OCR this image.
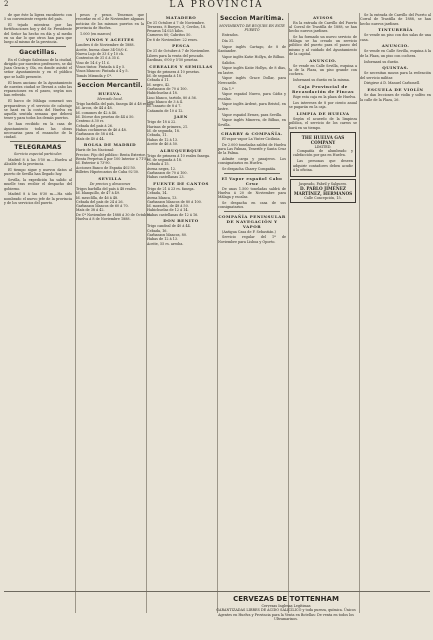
2	LA PROVINCIA

de que éste la ligera encubierto con 5 su conveniente respeto del país.

El tejado mientras por las fortificaciones hoy y del Sr. Presidente del Señor ha hecho en día y al medio en su dar lo que otros han para que luego al mismo de la provincia.

Gacetillas.

En el Colegio Salesiano de la ciudad, dirigido por nuestros profesores, se dió Juan Gracia y Ola, en donde asistió el señor Ayuntamiento y en el público que se halló presente.

El buen anciano de la Ayuntamiento de nuestra ciudad se llevará a cabo las reparaciones en el paseo, según nos han referido.

El barco de Málaga comenzó sus preparativos y el servicio de cabotaje se hará en la costa del Huelva en aquella sentida semana que deberá tener y para todos los demás puertos.

Se han recibido en la casa de Ayuntamiento todas las obras necesarias para el ensanche de la ciudad.

TELEGRAMAS
Servicio especial particular.

Madrid 8 á las 5'50 m.—Huelva al Alcalde de la provincia.

El tiempo sigue y nuevos datos al puerto de Sevilla han llegado hoy.

Sevilla, la expedición ha salido al muelle tras recibir el despacho del gobierno.

Madrid 8 á las 8'30 m.—Ha sido nombrado el nuevo jefe de la provincia y de los servicios del puerto.

pesos y pesos. Tenemos que recordar en el 2 de Noviembre algunas noticias de los mismos puertos en la provincia de Huelva.

1.000 (en marcos)

VINOS Y ACEITES
Londres 6 de Noviembre de 1888.
Aceite, buena clase 34-10/0 £.
Nueva Lujo de 33 £ y 10 ch.
Contentos de 31 £ á 35 £.
Vino de 14 £ y 11 £.
Vinos tintos: Pintada á 4 y 5.
Vinos blancos: Pintada á 4 y 5.
Tomás Miranda y Cª.
Seccion Mercantil.
HUELVA.
Mercado local.
Trigo barbilla del país, fanega 46 á 48 reales.
Id. Arcos, de 44 á 48.
Id. comunes de 42 á 46.
Id. Dícese dos pesetas de 44 á 50.
Centeno á 30 rs.
Cebada del país á 26.
Habas cochineras de 46 á 48.
Garbanzos de 58 á 64.
Maíz de 40 á 44.
BOLSA DE MADRID
Haris de los Nacional:
Precios: Fijo del público: Renta Exterior.
Renta Perpetua 4 por 100 Interior á 71'52.
Id. Exterior á 73'90.
Acciones Banco de España 402'50.
Billetes Hipotecarios de Cuba 92'30.
SEVILLA
De precios y almacenes
Trigos barbilla del país á 48 reales.
Id. blanquillo, de 47 á 49.
Id. mezclilla, de 46 á 48.
Cebada del país de 24 á 26.
Garbanzos blancos de 60 á 70.
Maíz de 38 á 42.
De Cª Noviembre de 1888 á 30 de Octubre.
Huelva á 8 de Noviembre 1888.
MATADERO
De 31 Octubre á 7 de Noviembre.
Terneras, 8 Bueyes, 3; Cerdos, 18.
Pesaron 14.025 kilos.
Carneros 80; Cabritos 50.
De 8 de Noviembre: 22 reses.
PESCA
De 31 de Octubre á 7 de Noviembre.
Libres para la venta del pescado.
Sardinas, 6'00 y 5'50 pesetas.
CEREALES Y SEMILLAS
Trigo de primera á 10 pesetas.
Id. de segunda á 18.
Cebada á 11.
Id. negro, 42.
Garbanzos de 70 á 100.
Habichuelas á 18.
Lino blanco, tartido, 80 á 56.
Lino blanco de 3 á 4.
Id. canario de 8 á 7.
Cañamón de 10 á 12.
JAEN
Trigo de 18 á 22.
Harinas de primera, 21.
Id. de segunda, 18.
Cebada, 11.
Habas de 12 á 13.
Aceite de 46 á 50.
ALBUQUERQUE
Trigo de primera á 10 reales fanega.
Id. de segunda á 18.
Cebada á 15.
Avena negra, 12.
Garbanzos de 70 á 100.
Habas castellanas 23.
FUENTE DE CANTOS
Trigo de 21 á 23 rs. fanega.
Cebada, 14.
Avena blanca, 13.
Garbanzos blancos de 80 á 100.
Id. morados, de 48 á 50.
Habichuelas de 12 á 14.
Habas castellanas de 12 á 16.
DON BENITO
Trigo candeal de 40 á 44.
Cebada, 16.
Garbanzos blancos, 80.
Habas de 12 á 13.
Aceite, 55 rs. arroba.
Seccion Marítima.
MOVIMIENTO DE BUQUES EN ESTE PUERTO

Entrados.

Día 31.

Vapor inglés Cartago, de 8 de Santander.

Vapor inglés Katie Hollyn, de Bilbao.

Salidos.

Vapor inglés Katie Hollyn, de 8 días, en lastre.

Vapor inglés Grace Dollar, para Newcastle.

Día 1.º

Vapor español Nuevo, para Cádiz y escalas.

Vapor inglés Ardent, para Bristol, en lastre.

Vapor español Ermes, para Sevilla.

Vapor inglés Minerva, de Bilbao, en Sevilla.

CHARRY & COMPAÑÍA.

El vapor vapor La Vinter Cicilinia.

De 2.000 toneladas saldrá de Huelva para Las Palmas, Tenerife y Santa Cruz de la Palma.

Admite carga y pasajeros. Los consignatarios en Huelva.

Se despacha Charry Compañía.

El Vapor español Cabo Cruz

De unas 1.500 toneladas saldrá de Huelva á 20 de Noviembre para Málaga y escalas.

Se despacha en casa de sus consignatarios.

COMPAÑÍA PENINSULAR DE NAVEGACIÓN Y VAPOR

(Antigua Casa de F. Sebastián.)

Servicio regular del 1º de Noviembre para Lisboa y Oporto.

AVISOS

En la entrada de Carrillo del Puerto al Corral de Trastilla de 1888, se han hecho nuevos jardines.

Se ha formado un nuevo servicio de Málaga se ha creado un servicio público del puerto para el paseo del mismo y al cuidado del Ayuntamiento de la capital.

ANUNCIO.

Se vende en Calle Sevilla, esquina a la de la Plaza, un piso grande con cochera.

Informará su dueño en la misma.

Caja Provincial de Recaudación de Fincas

Rige esta caja en la plaza de Huelva.

Los intereses de 8 por ciento anual se pagarán en la caja.

LIMPIA DE HUELVA

Según el acuerdo de la limpieza pública, el servicio de los carros se hará en su tiempo.

THE HUELVA GAS COMPANY
LIMITED.

Compañía de alumbrado y calefacción por gas en Huelva.

Las personas que deseen adquirir contadores deben acudir á la oficina.

Jaspeado, Fabril y Salguero.
D. PABLO JIMÉNEZ
MARTÍNEZ, HERMANOS
Calle Concepción, 15.

Se la entrada de Carrillo del Puerto al Corral de Trastilla de 1888, se han hecho nuevos jardines.

TINTURERÍA

Se vende un piso con dos salas de una casa.

ANUNCIO.

Se vende en Calle Sevilla, esquina á la de la Plaza, un piso con cochera.

Informará su dueño.

QUINTAS.

Se necesitan mozos para la redención del servicio militar.

Dirigirse á D. Manuel Carbonell.

ESCUELA DE VIOLÍN

Se dan lecciones de violín y solfeo en la calle de la Plaza, 26.

CERVEZAS DE TOTTENHAM
Cervezas Inglesas Legítimas
GARANTIZADAS LIBRES DE ÁCIDO SALICÍLICO y toda pureza, química. Únicos Agentes en Huelva y Provincia para la Venta en Botellas: De venta en todos los Ultramarinos.
